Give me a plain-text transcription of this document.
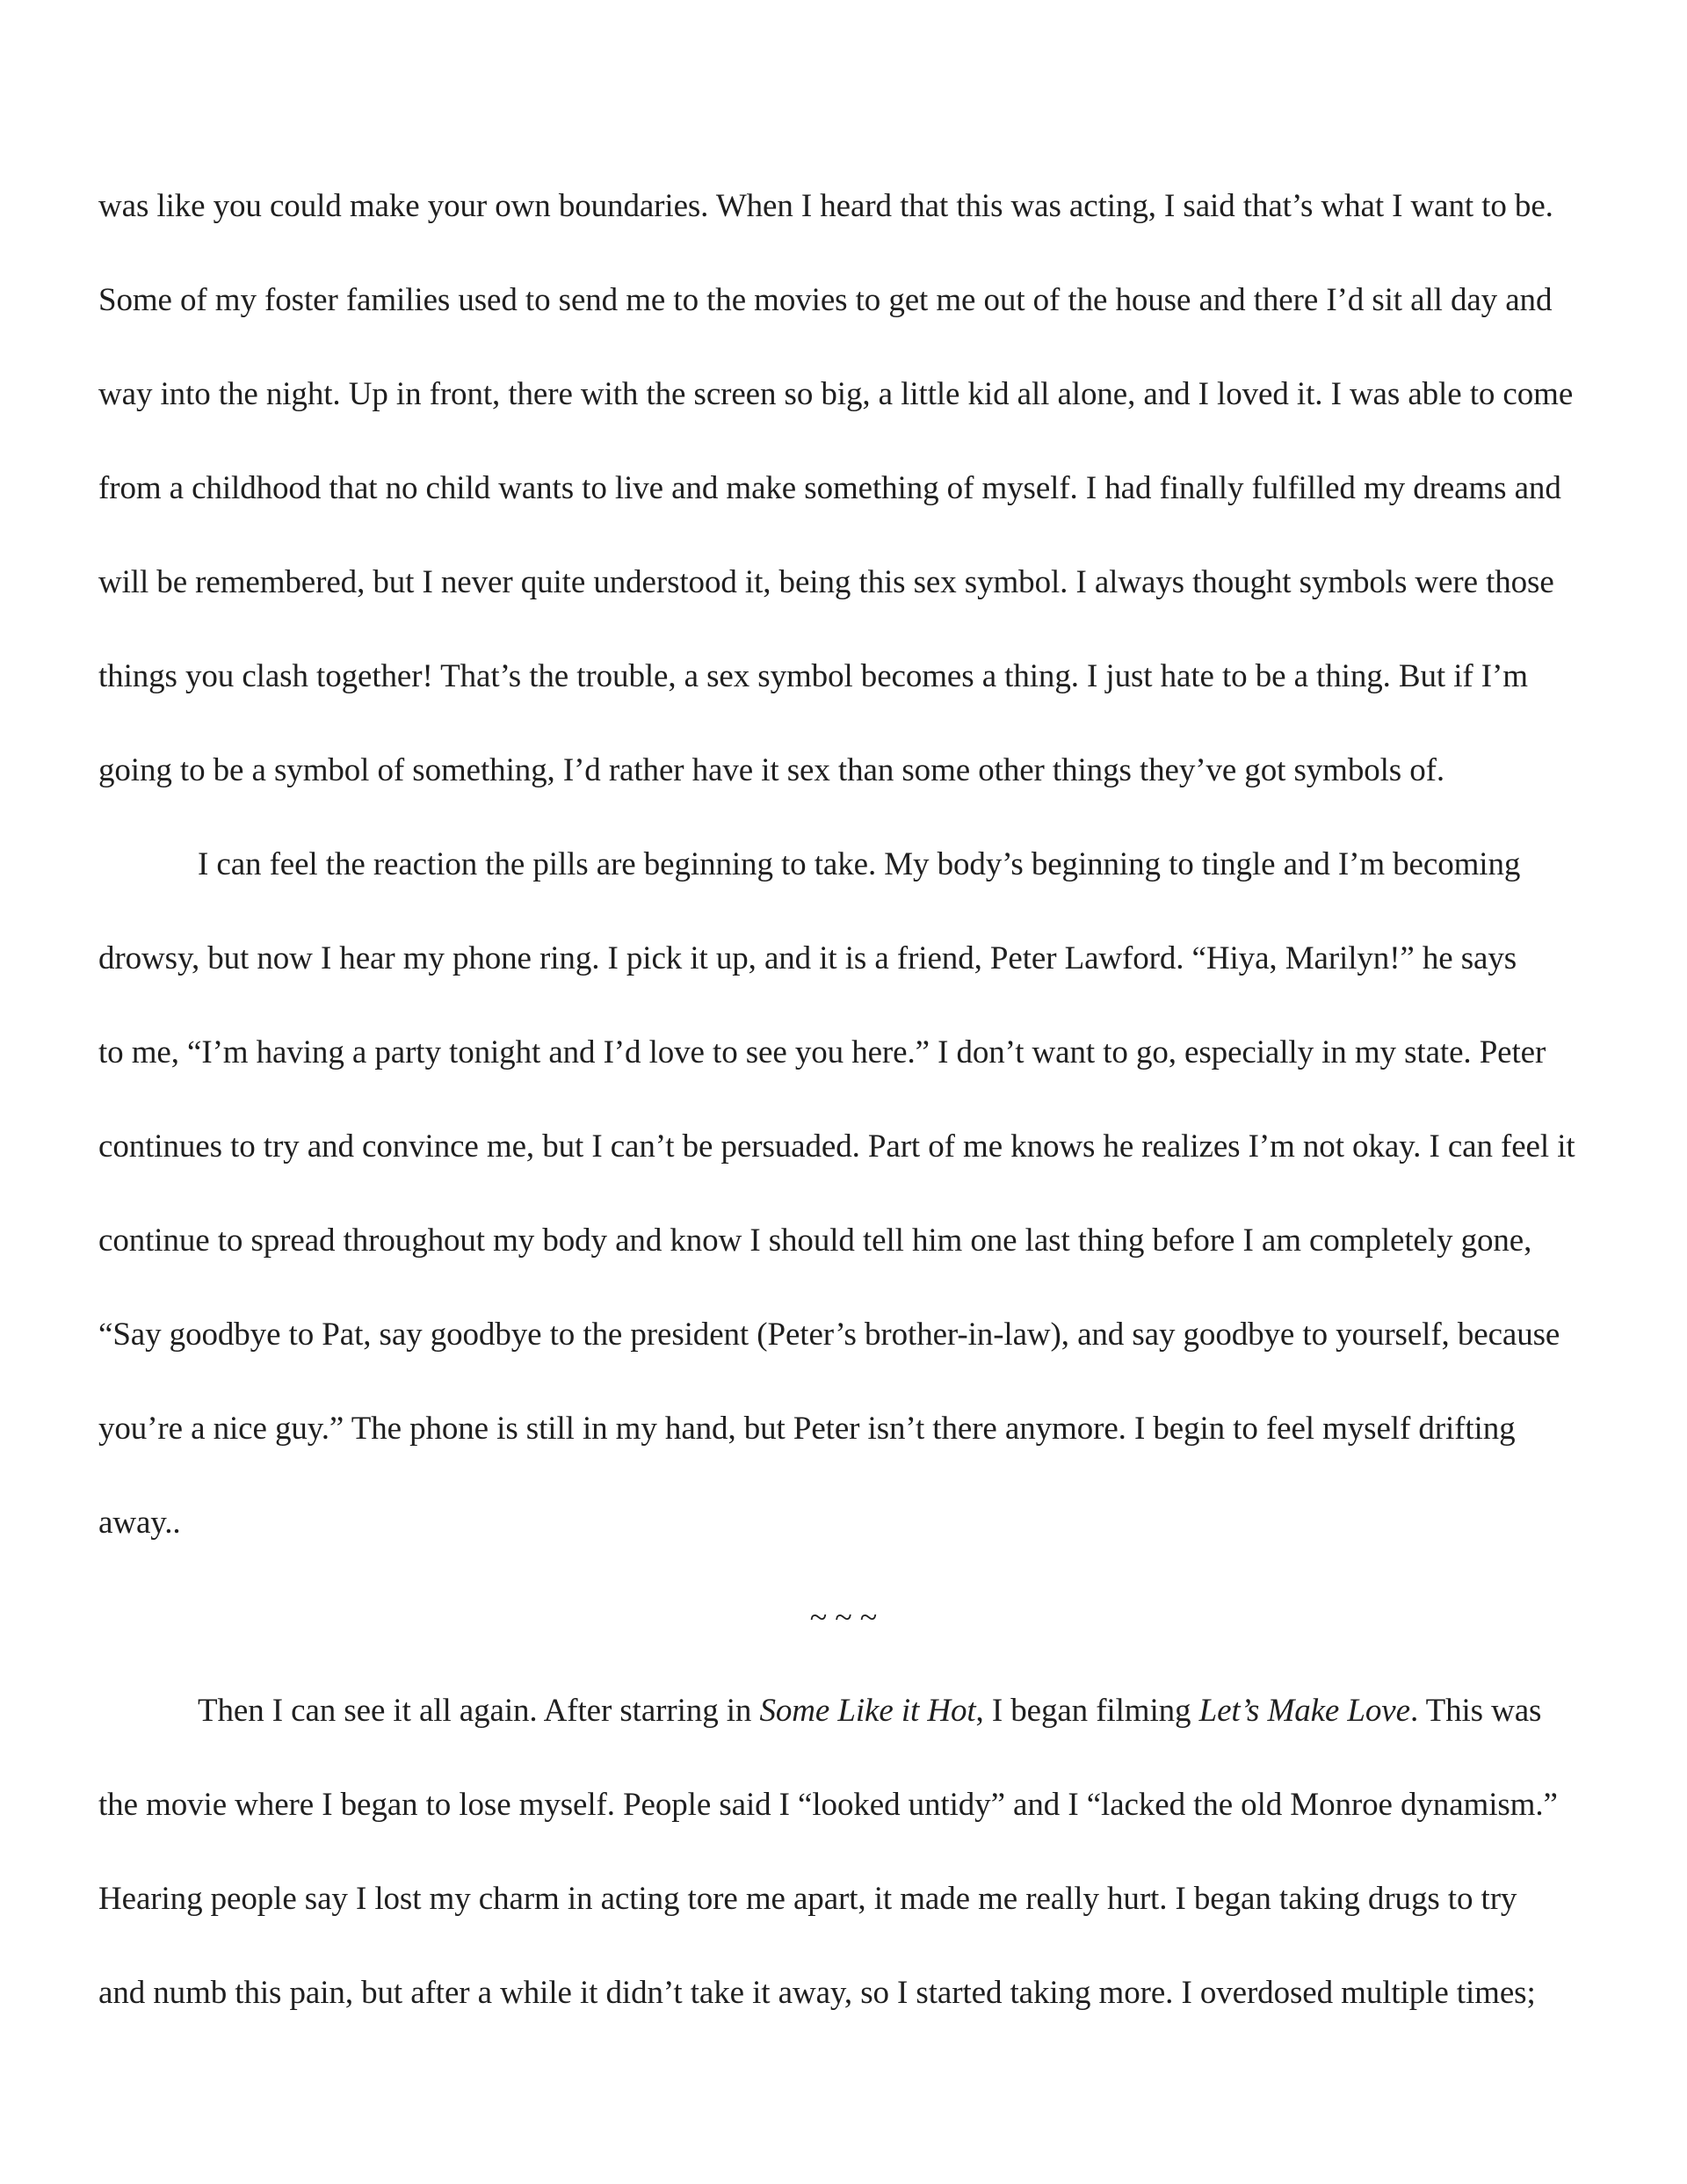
was like you could make your own boundaries. When I heard that this was acting, I said that’s what I want to be.

Some of my foster families used to send me to the movies to get me out of the house and there I’d sit all day and

way into the night. Up in front, there with the screen so big, a little kid all alone, and I loved it. I was able to come

from a childhood that no child wants to live and make something of myself. I had finally fulfilled my dreams and

will be remembered, but I never quite understood it, being this sex symbol. I always thought symbols were those

things you clash together! That’s the trouble, a sex symbol becomes a thing. I just hate to be a thing. But if I’m

going to be a symbol of something, I’d rather have it sex than some other things they’ve got symbols of.

I can feel the reaction the pills are beginning to take. My body’s beginning to tingle and I’m becoming

drowsy, but now I hear my phone ring. I pick it up, and it is a friend, Peter Lawford. “Hiya, Marilyn!” he says

to me, “I’m having a party tonight and I’d love to see you here.” I don’t want to go, especially in my state. Peter

continues to try and convince me, but I can’t be persuaded. Part of me knows he realizes I’m not okay. I can feel it

continue to spread throughout my body and know I should tell him one last thing before I am completely gone,

“Say goodbye to Pat, say goodbye to the president (Peter’s brother-in-law), and say goodbye to yourself, because

you’re a nice guy.” The phone is still in my hand, but Peter isn’t there anymore. I begin to feel myself drifting

away..

~ ~ ~

Then I can see it all again. After starring in Some Like it Hot, I began filming Let’s Make Love. This was

the movie where I began to lose myself. People said I “looked untidy” and I “lacked the old Monroe dynamism.”

Hearing people say I lost my charm in acting tore me apart, it made me really hurt. I began taking drugs to try

and numb this pain, but after a while it didn’t take it away, so I started taking more. I overdosed multiple times;
